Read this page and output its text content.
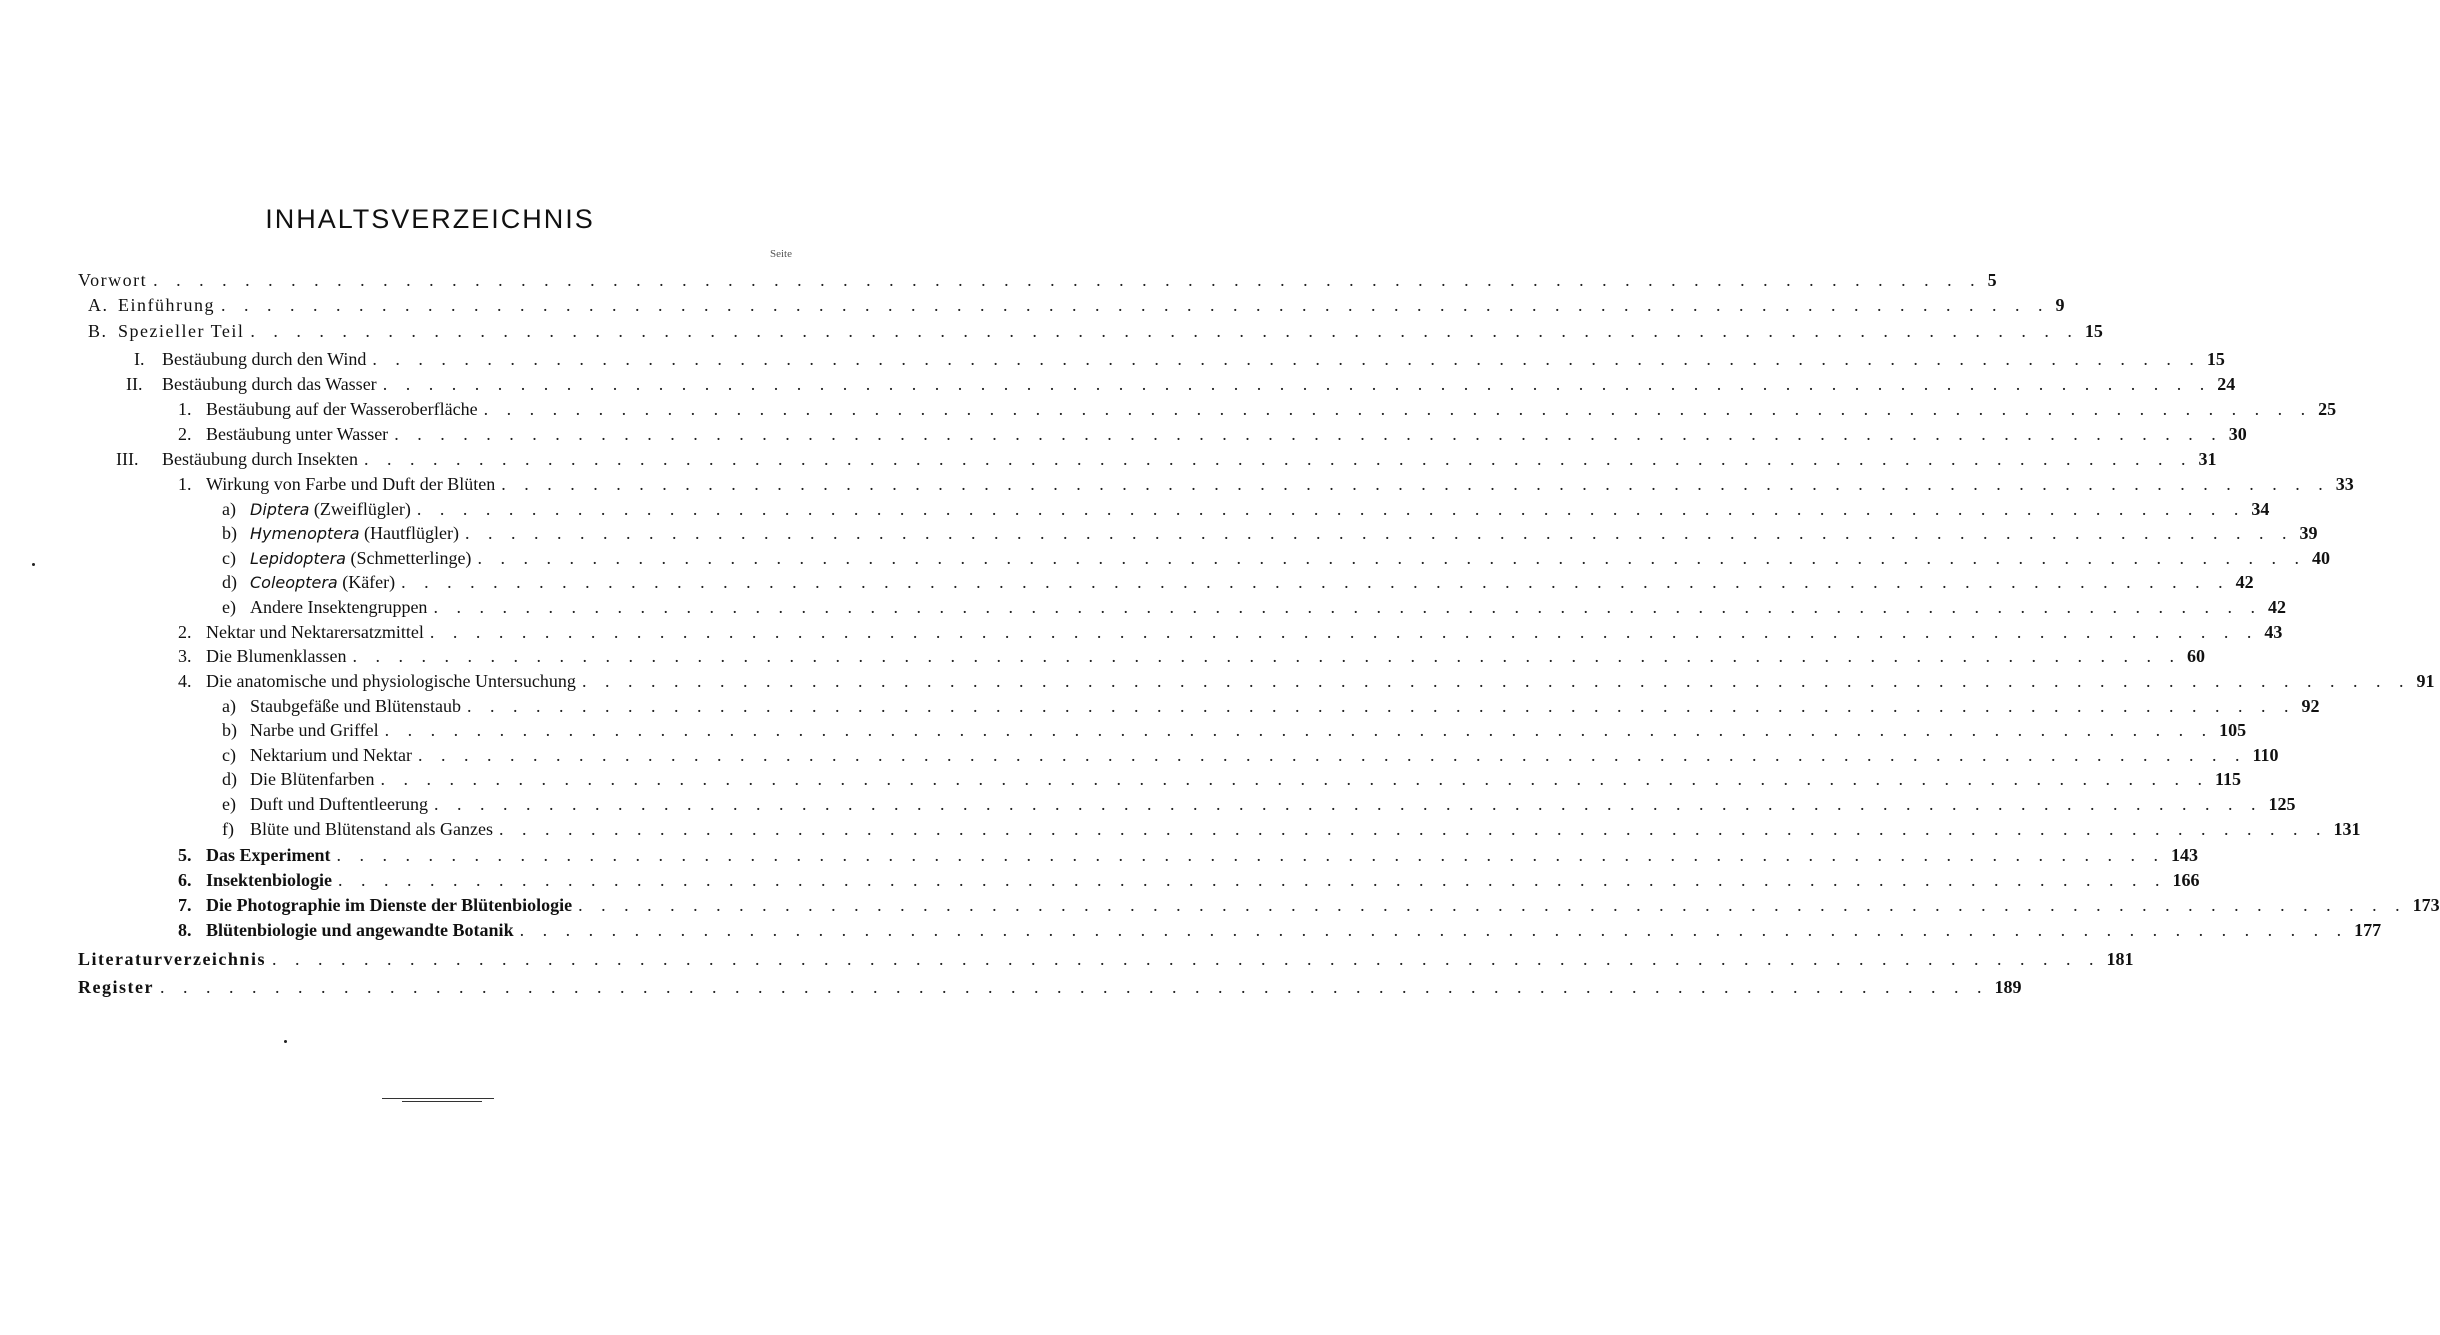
INHALTSVERZEICHNIS
Seite
Vorwort . . . . . . . . . . . . . . . . . . . . . . . . . . . . . . . . . . . . . . . . . . . . . . . . . . . . . . . . . . . . . . . . . . . . . . . . . . . . . . . . 5
A. Einführung . . . . . . . . . . . . . . . . . . . . . . . . . . . . . . . . . . . . . . . . . . . . . . . . . . . . . . . . . . . . . . . . . . . . . . . . . . . . . . . . 9
B. Spezieller Teil . . . . . . . . . . . . . . . . . . . . . . . . . . . . . . . . . . . . . . . . . . . . . . . . . . . . . . . . . . . . . . . . . . . . . . . . . . . . . . . . 15
I. Bestäubung durch den Wind . . . . . . . . . . . . . . . . . . . . . . . . . . . . . . . . . . . . . . . . . . . . . . . . . . . . . . . . . . . . . . . . . . . . . . . . . . . . . . . . 15
II. Bestäubung durch das Wasser . . . . . . . . . . . . . . . . . . . . . . . . . . . . . . . . . . . . . . . . . . . . . . . . . . . . . . . . . . . . . . . . . . . . . . . . . . . . . . . . 24
1. Bestäubung auf der Wasseroberfläche . . . . . . . . . . . . . . . . . . . . . . . . . . . . . . . . . . . . . . . . . . . . . . . . . . . . . . . . . . . . . . . . . . . . . . . . . . . . . . . . 25
2. Bestäubung unter Wasser . . . . . . . . . . . . . . . . . . . . . . . . . . . . . . . . . . . . . . . . . . . . . . . . . . . . . . . . . . . . . . . . . . . . . . . . . . . . . . . . 30
III. Bestäubung durch Insekten . . . . . . . . . . . . . . . . . . . . . . . . . . . . . . . . . . . . . . . . . . . . . . . . . . . . . . . . . . . . . . . . . . . . . . . . . . . . . . . . 31
1. Wirkung von Farbe und Duft der Blüten . . . . . . . . . . . . . . . . . . . . . . . . . . . . . . . . . . . . . . . . . . . . . . . . . . . . . . . . . . . . . . . . . . . . . . . . . . . . . . . . 33
a) Diptera (Zweiflügler) . . . . . . . . . . . . . . . . . . . . . . . . . . . . . . . . . . . . . . . . . . . . . . . . . . . . . . . . . . . . . . . . . . . . . . . . . . . . . . . . 34
b) Hymenoptera (Hautflügler) . . . . . . . . . . . . . . . . . . . . . . . . . . . . . . . . . . . . . . . . . . . . . . . . . . . . . . . . . . . . . . . . . . . . . . . . . . . . . . . . 39
c) Lepidoptera (Schmetterlinge) . . . . . . . . . . . . . . . . . . . . . . . . . . . . . . . . . . . . . . . . . . . . . . . . . . . . . . . . . . . . . . . . . . . . . . . . . . . . . . . . 40
d) Coleoptera (Käfer) . . . . . . . . . . . . . . . . . . . . . . . . . . . . . . . . . . . . . . . . . . . . . . . . . . . . . . . . . . . . . . . . . . . . . . . . . . . . . . . . 42
e) Andere Insektengruppen . . . . . . . . . . . . . . . . . . . . . . . . . . . . . . . . . . . . . . . . . . . . . . . . . . . . . . . . . . . . . . . . . . . . . . . . . . . . . . . . 42
2. Nektar und Nektarersatzmittel . . . . . . . . . . . . . . . . . . . . . . . . . . . . . . . . . . . . . . . . . . . . . . . . . . . . . . . . . . . . . . . . . . . . . . . . . . . . . . . . 43
3. Die Blumenklassen . . . . . . . . . . . . . . . . . . . . . . . . . . . . . . . . . . . . . . . . . . . . . . . . . . . . . . . . . . . . . . . . . . . . . . . . . . . . . . . . 60
4. Die anatomische und physiologische Untersuchung . . . . . . . . . . . . . . . . . . . . . . . . . . . . . . . . . . . . . . . . . . . . . . . . . . . . . . . . . . . . . . . . . . . . . . . . . . . . . . . . 91
a) Staubgefäße und Blütenstaub . . . . . . . . . . . . . . . . . . . . . . . . . . . . . . . . . . . . . . . . . . . . . . . . . . . . . . . . . . . . . . . . . . . . . . . . . . . . . . . . 92
b) Narbe und Griffel . . . . . . . . . . . . . . . . . . . . . . . . . . . . . . . . . . . . . . . . . . . . . . . . . . . . . . . . . . . . . . . . . . . . . . . . . . . . . . . . 105
c) Nektarium und Nektar . . . . . . . . . . . . . . . . . . . . . . . . . . . . . . . . . . . . . . . . . . . . . . . . . . . . . . . . . . . . . . . . . . . . . . . . . . . . . . . . 110
d) Die Blütenfarben . . . . . . . . . . . . . . . . . . . . . . . . . . . . . . . . . . . . . . . . . . . . . . . . . . . . . . . . . . . . . . . . . . . . . . . . . . . . . . . . 115
e) Duft und Duftentleerung . . . . . . . . . . . . . . . . . . . . . . . . . . . . . . . . . . . . . . . . . . . . . . . . . . . . . . . . . . . . . . . . . . . . . . . . . . . . . . . . 125
f) Blüte und Blütenstand als Ganzes . . . . . . . . . . . . . . . . . . . . . . . . . . . . . . . . . . . . . . . . . . . . . . . . . . . . . . . . . . . . . . . . . . . . . . . . . . . . . . . . 131
5. Das Experiment . . . . . . . . . . . . . . . . . . . . . . . . . . . . . . . . . . . . . . . . . . . . . . . . . . . . . . . . . . . . . . . . . . . . . . . . . . . . . . . . 143
6. Insektenbiologie . . . . . . . . . . . . . . . . . . . . . . . . . . . . . . . . . . . . . . . . . . . . . . . . . . . . . . . . . . . . . . . . . . . . . . . . . . . . . . . . 166
7. Die Photographie im Dienste der Blütenbiologie . . . . . . . . . . . . . . . . . . . . . . . . . . . . . . . . . . . . . . . . . . . . . . . . . . . . . . . . . . . . . . . . . . . . . . . . . . . . . . . . 173
8. Blütenbiologie und angewandte Botanik . . . . . . . . . . . . . . . . . . . . . . . . . . . . . . . . . . . . . . . . . . . . . . . . . . . . . . . . . . . . . . . . . . . . . . . . . . . . . . . . 177
Literaturverzeichnis . . . . . . . . . . . . . . . . . . . . . . . . . . . . . . . . . . . . . . . . . . . . . . . . . . . . . . . . . . . . . . . . . . . . . . . . . . . . . . . . 181
Register . . . . . . . . . . . . . . . . . . . . . . . . . . . . . . . . . . . . . . . . . . . . . . . . . . . . . . . . . . . . . . . . . . . . . . . . . . . . . . . . 189
